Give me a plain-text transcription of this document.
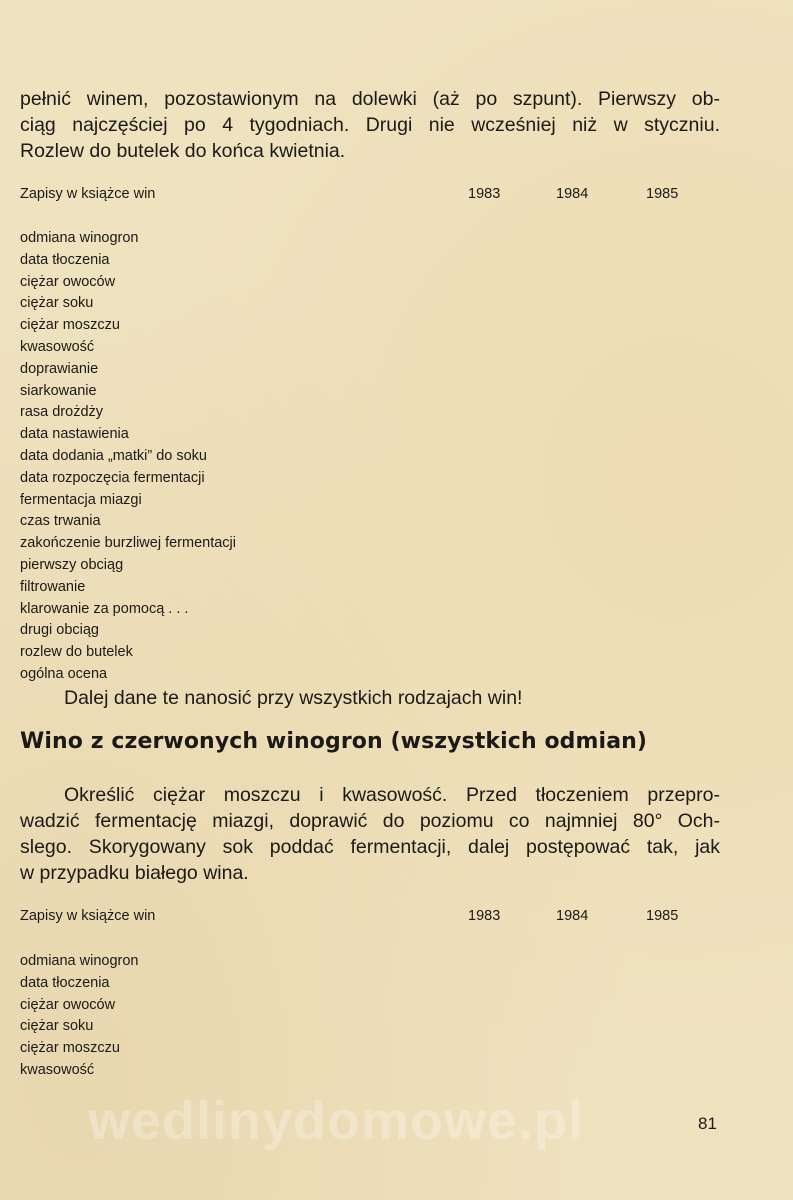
pełnić winem, pozostawionym na dolewki (aż po szpunt). Pierwszy ob-
ciąg najczęściej po 4 tygodniach. Drugi nie wcześniej niż w styczniu.
Rozlew do butelek do końca kwietnia.

Zapisy w książce win	1983	1984	1985
odmiana winogron
data tłoczenia
ciężar owoców
ciężar soku
ciężar moszczu
kwasowość
doprawianie
siarkowanie
rasa drożdży
data nastawienia
data dodania „matki” do soku
data rozpoczęcia fermentacji
fermentacja miazgi
czas trwania
zakończenie burzliwej fermentacji
pierwszy obciąg
filtrowanie
klarowanie za pomocą . . .
drugi obciąg
rozlew do butelek
ogólna ocena

Dalej dane te nanosić przy wszystkich rodzajach win!

Wino z czerwonych winogron (wszystkich odmian)

Określić ciężar moszczu i kwasowość. Przed tłoczeniem przepro-
wadzić fermentację miazgi, doprawić do poziomu co najmniej 80° Och-
slego. Skorygowany sok poddać fermentacji, dalej postępować tak, jak
w przypadku białego wina.

Zapisy w książce win	1983	1984	1985
odmiana winogron
data tłoczenia
ciężar owoców
ciężar soku
ciężar moszczu
kwasowość
wedlinydomowe.pl	81
